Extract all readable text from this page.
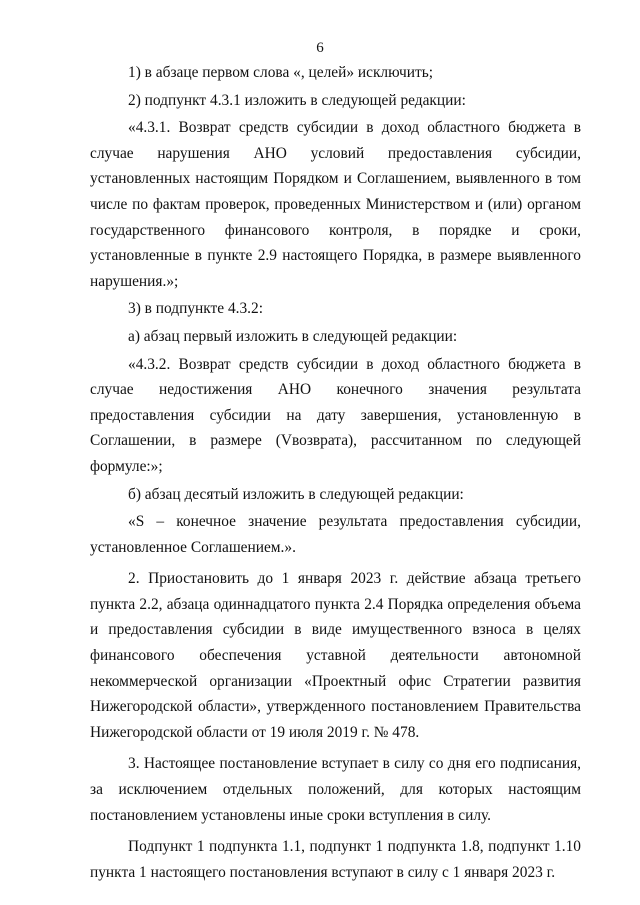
6

1) в абзаце первом слова «, целей» исключить;

2) подпункт 4.3.1 изложить в следующей редакции:

«4.3.1. Возврат средств субсидии в доход областного бюджета в случае нарушения АНО условий предоставления субсидии, установленных настоящим Порядком и Соглашением, выявленного в том числе по фактам проверок, проведенных Министерством и (или) органом государственного финансового контроля, в порядке и сроки, установленные в пункте 2.9 настоящего Порядка, в размере выявленного нарушения.»;

3) в подпункте 4.3.2:

а) абзац первый изложить в следующей редакции:

«4.3.2. Возврат средств субсидии в доход областного бюджета в случае недостижения АНО конечного значения результата предоставления субсидии на дату завершения, установленную в Соглашении, в размере (Vвозврата), рассчитанном по следующей формуле:»;

б) абзац десятый изложить в следующей редакции:

«S – конечное значение результата предоставления субсидии, установленное Соглашением.».

2. Приостановить до 1 января 2023 г. действие абзаца третьего пункта 2.2, абзаца одиннадцатого пункта 2.4 Порядка определения объема и предоставления субсидии в виде имущественного взноса в целях финансового обеспечения уставной деятельности автономной некоммерческой организации «Проектный офис Стратегии развития Нижегородской области», утвержденного постановлением Правительства Нижегородской области от 19 июля 2019 г. № 478.

3. Настоящее постановление вступает в силу со дня его подписания, за исключением отдельных положений, для которых настоящим постановлением установлены иные сроки вступления в силу.

Подпункт 1 подпункта 1.1, подпункт 1 подпункта 1.8, подпункт 1.10 пункта 1 настоящего постановления вступают в силу с 1 января 2023 г.
